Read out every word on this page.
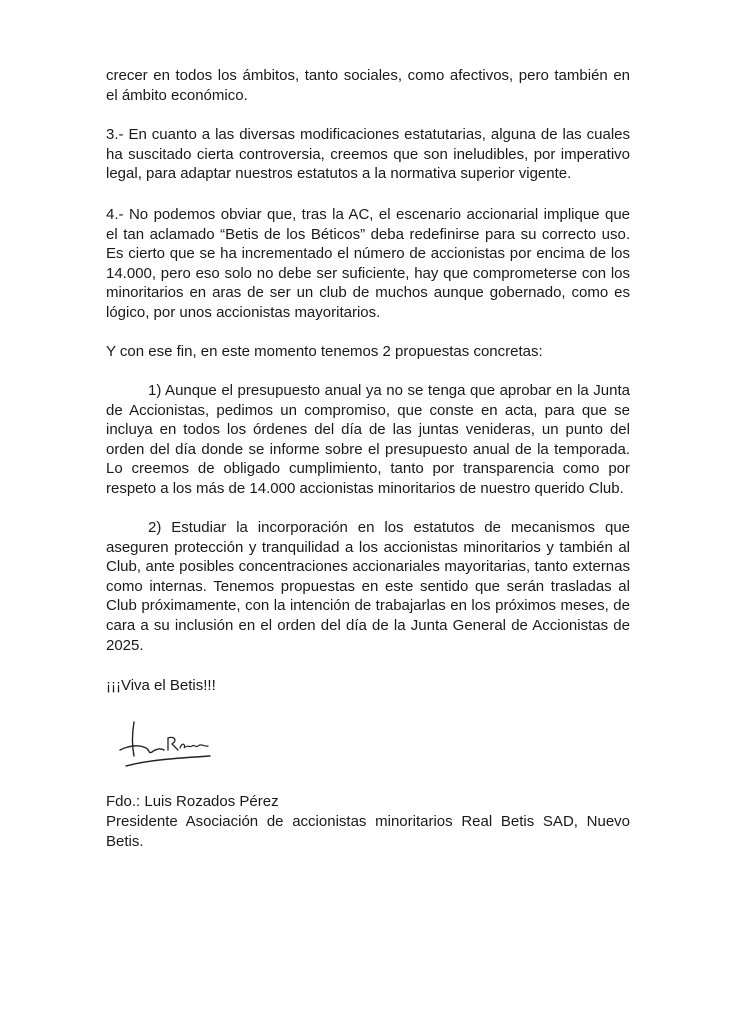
crecer en todos los ámbitos, tanto sociales, como afectivos, pero también en el ámbito económico.

3.- En cuanto a las diversas modificaciones estatutarias, alguna de las cuales ha suscitado cierta controversia, creemos que son ineludibles, por imperativo legal, para adaptar nuestros estatutos a la normativa superior vigente.

4.- No podemos obviar que, tras la AC, el escenario accionarial implique que el tan aclamado “Betis de los Béticos” deba redefinirse para su correcto uso. Es cierto que se ha incrementado el número de accionistas por encima de los 14.000, pero eso solo no debe ser suficiente, hay que comprometerse con los minoritarios en aras de ser un club de muchos aunque gobernado, como es lógico, por unos accionistas mayoritarios.

Y con ese fin, en este momento tenemos 2 propuestas concretas:

1) Aunque el presupuesto anual ya no se tenga que aprobar en la Junta de Accionistas, pedimos un compromiso, que conste en acta, para que se incluya en todos los órdenes del día de las juntas venideras, un punto del orden del día donde se informe sobre el presupuesto anual de la temporada. Lo creemos de obligado cumplimiento, tanto por transparencia como por respeto a los más de 14.000 accionistas minoritarios de nuestro querido Club.

2) Estudiar la incorporación en los estatutos de mecanismos que aseguren protección y tranquilidad a los accionistas minoritarios y también al Club, ante posibles concentraciones accionariales mayoritarias, tanto externas como internas. Tenemos propuestas en este sentido que serán trasladas al Club próximamente, con la intención de trabajarlas en los próximos meses, de cara a su inclusión en el orden del día de la Junta General de Accionistas de 2025.

¡¡¡Viva el Betis!!!

Fdo.: Luis Rozados Pérez

Presidente Asociación de accionistas minoritarios Real Betis SAD, Nuevo Betis.
